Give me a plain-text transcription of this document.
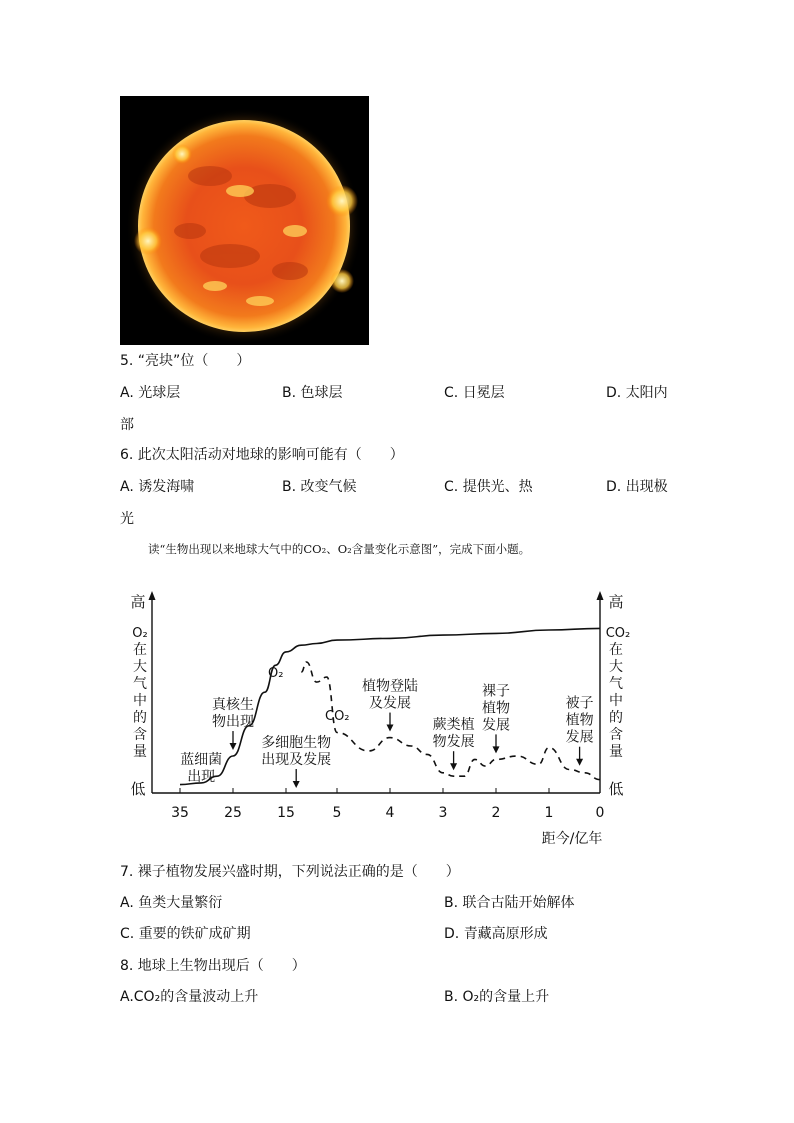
5. “亮块”位（　　）
A. 光球层	B. 色球层	C. 日冕层	D. 太阳内
部
6. 此次太阳活动对地球的影响可能有（　　）
A. 诱发海啸	B. 改变气候	C. 提供光、热	D. 出现极
光
读“生物出现以来地球大气中的CO₂、O₂含量变化示意图”，完成下面小题。
高
O₂
在
大
气
中
的
含
量
低
高
CO₂
在
大
气
中
的
含
量
低
距今/亿年
O₂
CO₂
35	25	15	5	4	3	2	1	0
蓝细菌
出现
真核生
物出现
多细胞生物
出现及发展
植物登陆
及发展
蕨类植
物发展
裸子
植物
发展
被子
植物
发展
7. 裸子植物发展兴盛时期，下列说法正确的是（　　）
A. 鱼类大量繁衍	B. 联合古陆开始解体
C. 重要的铁矿成矿期	D. 青藏高原形成
8. 地球上生物出现后（　　）
A.CO₂的含量波动上升	B. O₂的含量上升
